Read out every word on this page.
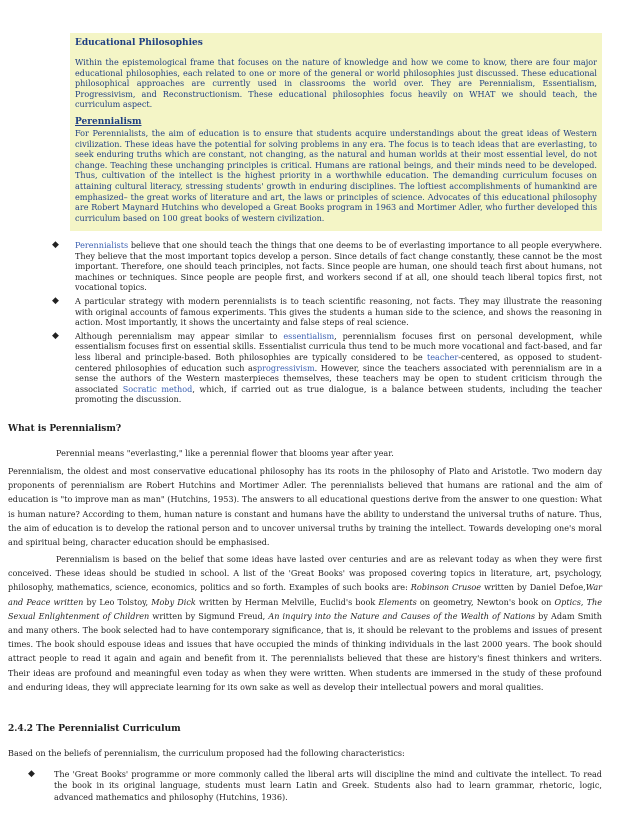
Educational Philosophies

Within the epistemological frame that focuses on the nature of knowledge and how we come to know, there are four major educational philosophies, each related to one or more of the general or world philosophies just discussed. These educational philosophical approaches are currently used in classrooms the world over. They are Perennialism, Essentialism, Progressivism, and Reconstructionism. These educational philosophies focus heavily on WHAT we should teach, the curriculum aspect.

Perennialism

For Perennialists, the aim of education is to ensure that students acquire understandings about the great ideas of Western civilization. These ideas have the potential for solving problems in any era. The focus is to teach ideas that are everlasting, to seek enduring truths which are constant, not changing, as the natural and human worlds at their most essential level, do not change. Teaching these unchanging principles is critical. Humans are rational beings, and their minds need to be developed. Thus, cultivation of the intellect is the highest priority in a worthwhile education. The demanding curriculum focuses on attaining cultural literacy, stressing students' growth in enduring disciplines. The loftiest accomplishments of humankind are emphasized– the great works of literature and art, the laws or principles of science. Advocates of this educational philosophy are Robert Maynard Hutchins who developed a Great Books program in 1963 and Mortimer Adler, who further developed this curriculum based on 100 great books of western civilization.

◆ Perennialists believe that one should teach the things that one deems to be of everlasting importance to all people everywhere. They believe that the most important topics develop a person. Since details of fact change constantly, these cannot be the most important. Therefore, one should teach principles, not facts. Since people are human, one should teach first about humans, not machines or techniques. Since people are people first, and workers second if at all, one should teach liberal topics first, not vocational topics.
◆ A particular strategy with modern perennialists is to teach scientific reasoning, not facts. They may illustrate the reasoning with original accounts of famous experiments. This gives the students a human side to the science, and shows the reasoning in action. Most importantly, it shows the uncertainty and false steps of real science.
◆ Although perennialism may appear similar to essentialism, perennialism focuses first on personal development, while essentialism focuses first on essential skills. Essentialist curricula thus tend to be much more vocational and fact-based, and far less liberal and principle-based. Both philosophies are typically considered to be teacher-centered, as opposed to student-centered philosophies of education such asprogressivism. However, since the teachers associated with perennialism are in a sense the authors of the Western masterpieces themselves, these teachers may be open to student criticism through the associated Socratic method, which, if carried out as true dialogue, is a balance between students, including the teacher promoting the discussion.
What is Perennialism?
Perennial means "everlasting," like a perennial flower that blooms year after year.

Perennialism, the oldest and most conservative educational philosophy has its roots in the philosophy of Plato and Aristotle. Two modern day proponents of perennialism are Robert Hutchins and Mortimer Adler. The perennialists believed that humans are rational and the aim of education is "to improve man as man" (Hutchins, 1953). The answers to all educational questions derive from the answer to one question: What is human nature? According to them, human nature is constant and humans have the ability to understand the universal truths of nature. Thus, the aim of education is to develop the rational person and to uncover universal truths by training the intellect. Towards developing one's moral and spiritual being, character education should be emphasised.

Perennialism is based on the belief that some ideas have lasted over centuries and are as relevant today as when they were first conceived. These ideas should be studied in school. A list of the 'Great Books' was proposed covering topics in literature, art, psychology, philosophy, mathematics, science, economics, politics and so forth. Examples of such books are: Robinson Crusoe written by Daniel Defoe,War and Peace written by Leo Tolstoy, Moby Dick written by Herman Melville, Euclid's book Elements on geometry, Newton's book on Optics, The Sexual Enlightenment of Children written by Sigmund Freud, An inquiry into the Nature and Causes of the Wealth of Nations by Adam Smith and many others. The book selected had to have contemporary significance, that is, it should be relevant to the problems and issues of present times. The book should espouse ideas and issues that have occupied the minds of thinking individuals in the last 2000 years. The book should attract people to read it again and again and benefit from it. The perennialists believed that these are history's finest thinkers and writers. Their ideas are profound and meaningful even today as when they were written. When students are immersed in the study of these profound and enduring ideas, they will appreciate learning for its own sake as well as develop their intellectual powers and moral qualities.

2.4.2 The Perennialist Curriculum
Based on the beliefs of perennialism, the curriculum proposed had the following characteristics:
◆ The 'Great Books' programme or more commonly called the liberal arts will discipline the mind and cultivate the intellect. To read the book in its original language, students must learn Latin and Greek. Students also had to learn grammar, rhetoric, logic, advanced mathematics and philosophy (Hutchins, 1936).
